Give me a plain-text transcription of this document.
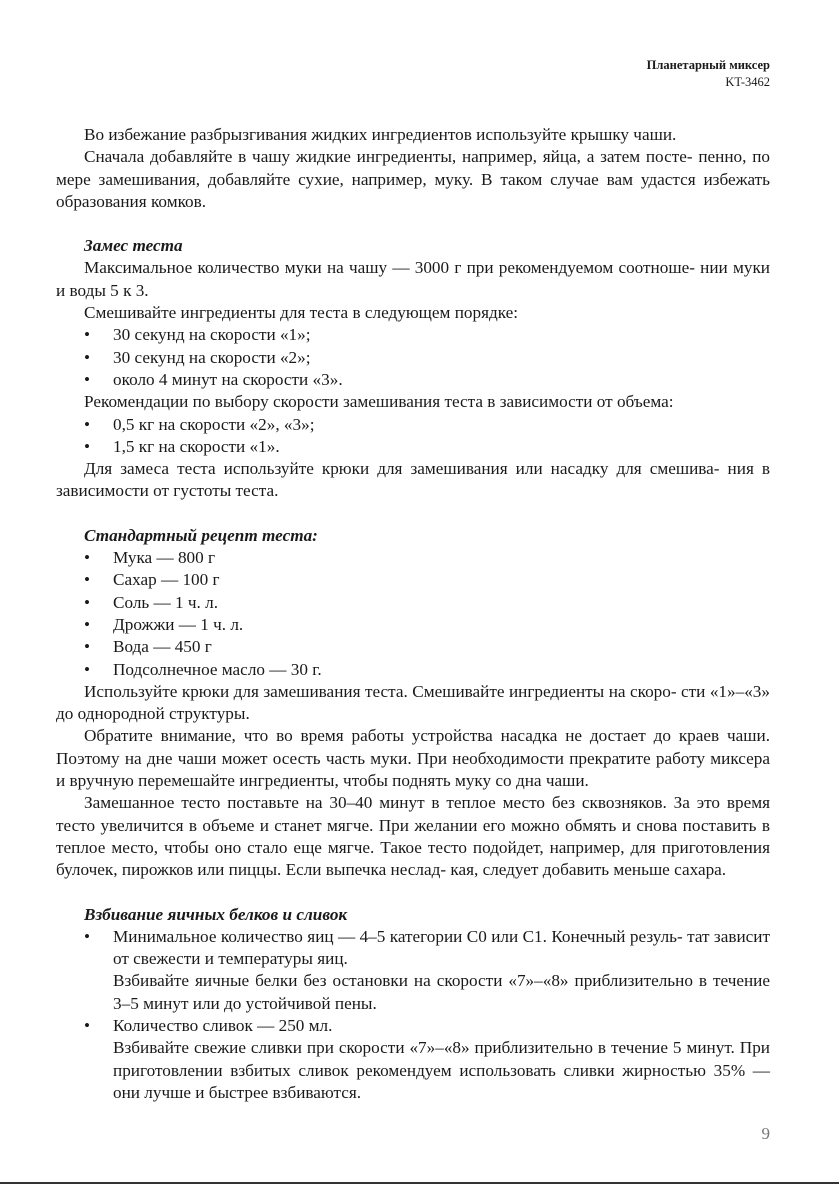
Планетарный миксер
KT-3462

Во избежание разбрызгивания жидких ингредиентов используйте крышку чаши.

Сначала добавляйте в чашу жидкие ингредиенты, например, яйца, а затем посте- пенно, по мере замешивания, добавляйте сухие, например, муку. В таком случае вам удастся избежать образования комков.

Замес теста

Максимальное количество муки на чашу — 3000 г при рекомендуемом соотноше- нии муки и воды 5 к 3.

Смешивайте ингредиенты для теста в следующем порядке:

• 30 секунд на скорости «1»;
• 30 секунд на скорости «2»;
• около 4 минут на скорости «3».

Рекомендации по выбору скорости замешивания теста в зависимости от объема:

• 0,5 кг на скорости «2», «3»;
• 1,5 кг на скорости «1».

Для замеса теста используйте крюки для замешивания или насадку для смешива- ния в зависимости от густоты теста.

Стандартный рецепт теста:

• Мука — 800 г
• Сахар — 100 г
• Соль — 1 ч. л.
• Дрожжи — 1 ч. л.
• Вода — 450 г
• Подсолнечное масло — 30 г.

Используйте крюки для замешивания теста. Смешивайте ингредиенты на скоро- сти «1»–«3» до однородной структуры.

Обратите внимание, что во время работы устройства насадка не достает до краев чаши. Поэтому на дне чаши может осесть часть муки. При необходимости прекратите работу миксера и вручную перемешайте ингредиенты, чтобы поднять муку со дна чаши.

Замешанное тесто поставьте на 30–40 минут в теплое место без сквозняков. За это время тесто увеличится в объеме и станет мягче. При желании его можно обмять и снова поставить в теплое место, чтобы оно стало еще мягче. Такое тесто подойдет, например, для приготовления булочек, пирожков или пиццы. Если выпечка неслад- кая, следует добавить меньше сахара.

Взбивание яичных белков и сливок

• Минимальное количество яиц — 4–5 категории С0 или С1. Конечный резуль- тат зависит от свежести и температуры яиц.
Взбивайте яичные белки без остановки на скорости «7»–«8» приблизительно в течение 3–5 минут или до устойчивой пены.
• Количество сливок — 250 мл.
Взбивайте свежие сливки при скорости «7»–«8» приблизительно в течение 5 минут. При приготовлении взбитых сливок рекомендуем использовать сливки жирностью 35% — они лучше и быстрее взбиваются.
9
